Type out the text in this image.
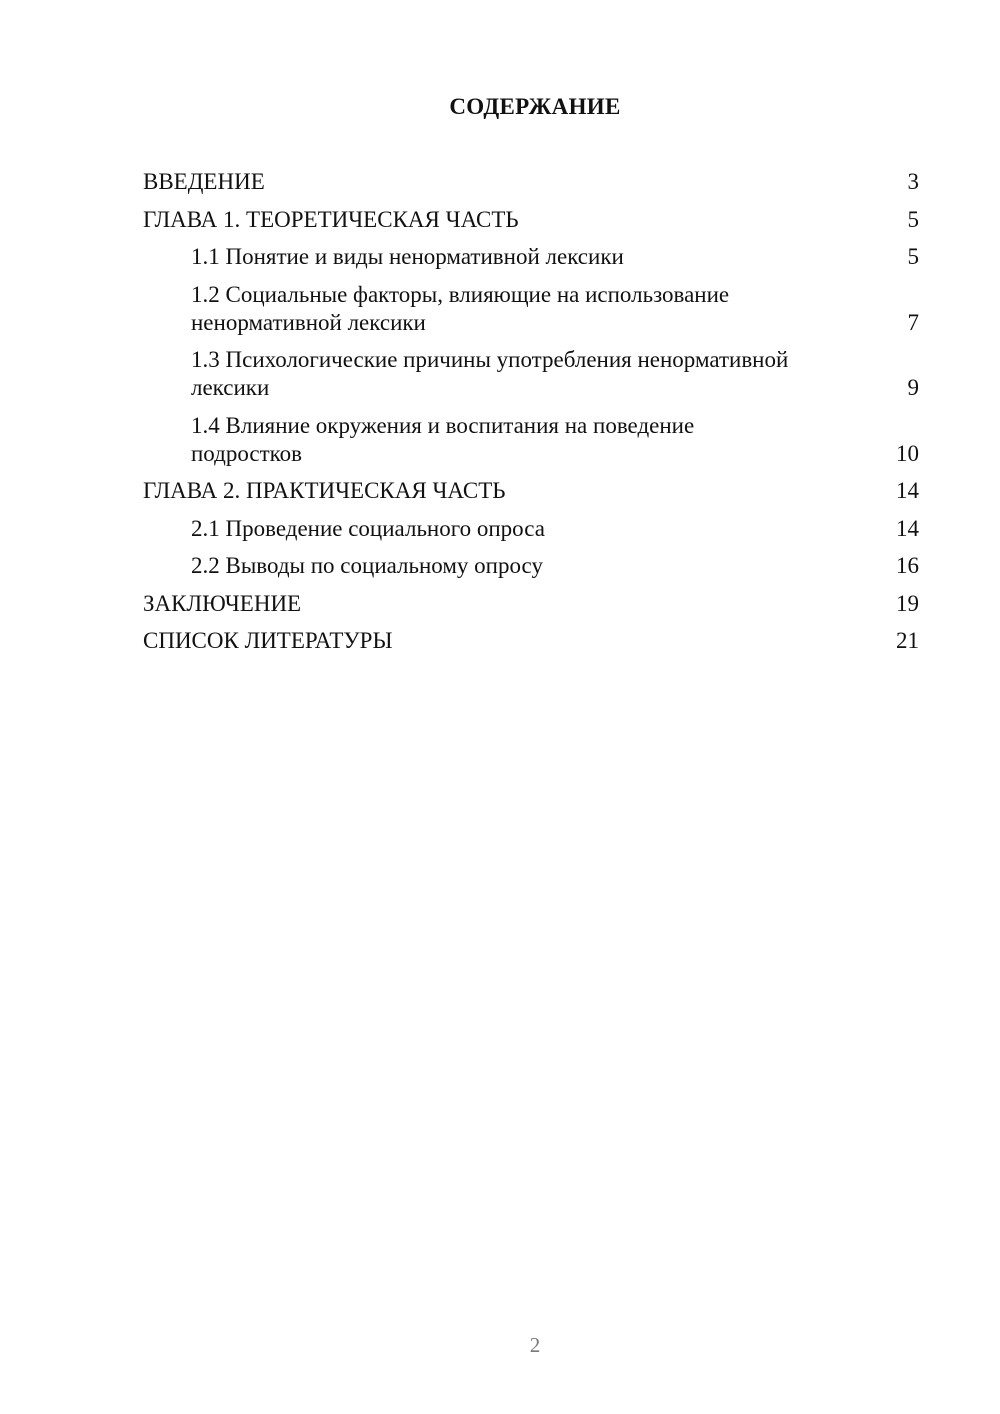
СОДЕРЖАНИЕ
ВВЕДЕНИЕ	3
ГЛАВА 1. ТЕОРЕТИЧЕСКАЯ ЧАСТЬ	5
1.1 Понятие и виды ненормативной лексики	5
1.2 Социальные факторы, влияющие на использование ненормативной лексики	7
1.3 Психологические причины употребления ненормативной лексики	9
1.4 Влияние окружения и воспитания на поведение подростков	10
ГЛАВА 2. ПРАКТИЧЕСКАЯ ЧАСТЬ	14
2.1 Проведение социального опроса	14
2.2 Выводы по социальному опросу	16
ЗАКЛЮЧЕНИЕ	19
СПИСОК ЛИТЕРАТУРЫ	21
2
